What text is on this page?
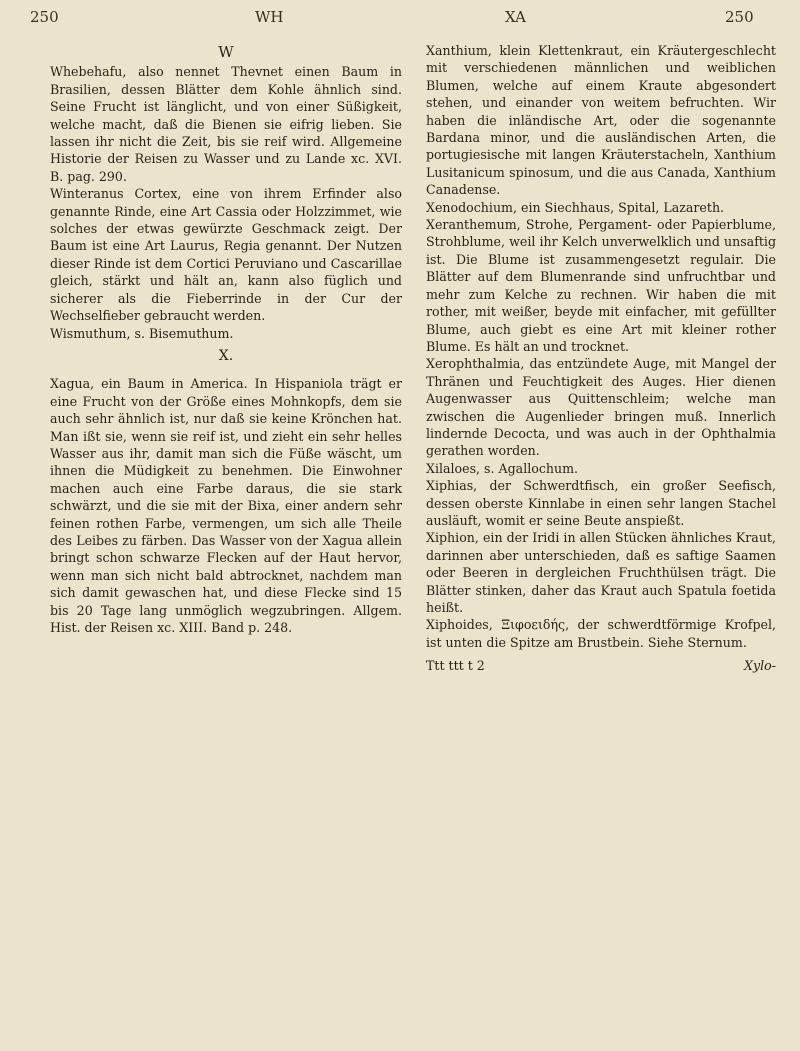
250	WH	XA	250

W

Whebehafu, also nennet Thevnet einen Baum in Brasilien, dessen Blätter dem Kohle ähnlich sind. Seine Frucht ist länglicht, und von einer Süßigkeit, welche macht, daß die Bienen sie eifrig lieben. Sie lassen ihr nicht die Zeit, bis sie reif wird. Allgemeine Historie der Reisen zu Wasser und zu Lande xc. XVI. B. pag. 290.

Winteranus Cortex, eine von ihrem Erfinder also genannte Rinde, eine Art Cassia oder Holzzimmet, wie solches der etwas gewürzte Geschmack zeigt. Der Baum ist eine Art Laurus, Regia genannt. Der Nutzen dieser Rinde ist dem Cortici Peruviano und Cascarillae gleich, stärkt und hält an, kann also füglich und sicherer als die Fieberrinde in der Cur der Wechselfieber gebraucht werden.

Wismuthum, s. Bisemuthum.

X.

Xagua, ein Baum in America. In Hispaniola trägt er eine Frucht von der Größe eines Mohnkopfs, dem sie auch sehr ähnlich ist, nur daß sie keine Krönchen hat. Man ißt sie, wenn sie reif ist, und zieht ein sehr helles Wasser aus ihr, damit man sich die Füße wäscht, um ihnen die Müdigkeit zu benehmen. Die Einwohner machen auch eine Farbe daraus, die sie stark schwärzt, und die sie mit der Bixa, einer andern sehr feinen rothen Farbe, vermengen, um sich alle Theile des Leibes zu färben. Das Wasser von der Xagua allein bringt schon schwarze Flecken auf der Haut hervor, wenn man sich nicht bald abtrocknet, nachdem man sich damit gewaschen hat, und diese Flecke sind 15 bis 20 Tage lang unmöglich wegzubringen. Allgem. Hist. der Reisen xc. XIII. Band p. 248.

Xanthium, klein Klettenkraut, ein Kräutergeschlecht mit verschiedenen männlichen und weiblichen Blumen, welche auf einem Kraute abgesondert stehen, und einander von weitem befruchten. Wir haben die inländische Art, oder die sogenannte Bardana minor, und die ausländischen Arten, die portugiesische mit langen Kräuterstacheln, Xanthium Lusitanicum spinosum, und die aus Canada, Xanthium Canadense.

Xenodochium, ein Siechhaus, Spital, Lazareth.

Xeranthemum, Strohe, Pergament- oder Papierblume, Strohblume, weil ihr Kelch unverwelklich und unsaftig ist. Die Blume ist zusammengesetzt regulair. Die Blätter auf dem Blumenrande sind unfruchtbar und mehr zum Kelche zu rechnen. Wir haben die mit rother, mit weißer, beyde mit einfacher, mit gefüllter Blume, auch giebt es eine Art mit kleiner rother Blume. Es hält an und trocknet.

Xerophthalmia, das entzündete Auge, mit Mangel der Thränen und Feuchtigkeit des Auges. Hier dienen Augenwasser aus Quittenschleim; welche man zwischen die Augenlieder bringen muß. Innerlich lindernde Decocta, und was auch in der Ophthalmia gerathen worden.

Xilaloes, s. Agallochum.

Xiphias, der Schwerdtfisch, ein großer Seefisch, dessen oberste Kinnlabe in einen sehr langen Stachel ausläuft, womit er seine Beute anspießt.

Xiphion, ein der Iridi in allen Stücken ähnliches Kraut, darinnen aber unterschieden, daß es saftige Saamen oder Beeren in dergleichen Fruchthülsen trägt. Die Blätter stinken, daher das Kraut auch Spatula foetida heißt.

Xiphoides, Ξιφοειδής, der schwerdtförmige Krofpel, ist unten die Spitze am Brustbein. Siehe Sternum.

Ttt ttt t 2	Xylo-
